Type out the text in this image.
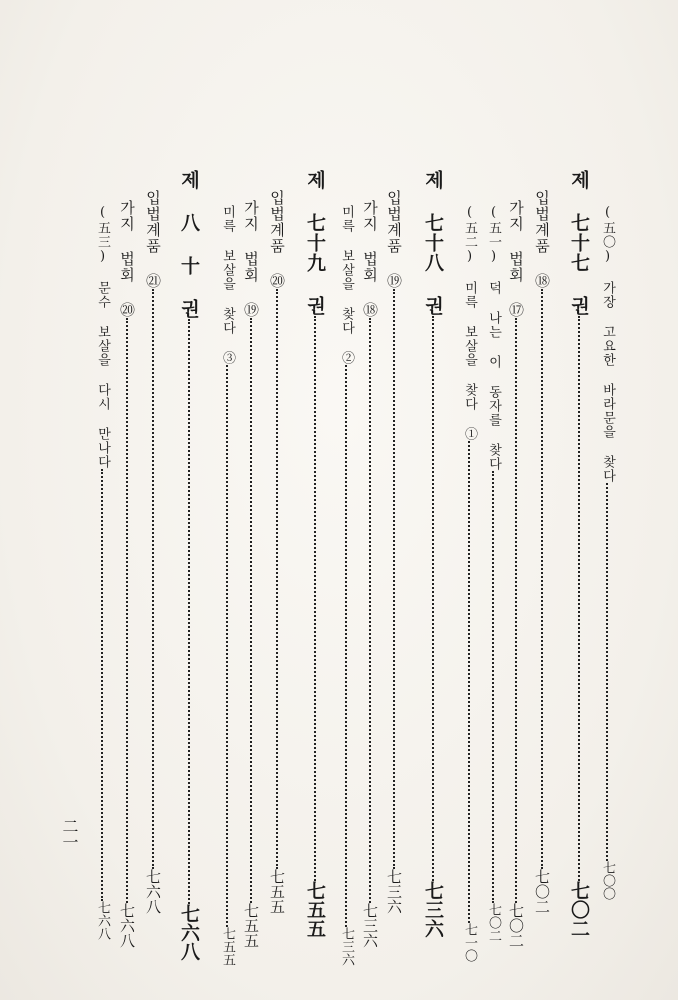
(五〇) 가장 고요한 바라문을 찾다七〇〇
제 七十七 권七〇二
입법계품 ⑱七〇二
가지 법회 ⑰七〇二
(五一) 덕 나는 이 동자를 찾다七〇二
(五二) 미륵 보살을 찾다 ①七一〇
제 七十八 권七三六
입법계품 ⑲七三六
가지 법회 ⑱七三六
미륵 보살을 찾다 ②七三六
제 七十九 권七五五
입법계품 ⑳七五五
가지 법회 ⑲七五五
미륵 보살을 찾다 ③七五五
제 八 十 권七六八
입법계품 ㉑七六八
가지 법회 ⑳七六八
(五三) 문수 보살을 다시 만나다七六八
二一
